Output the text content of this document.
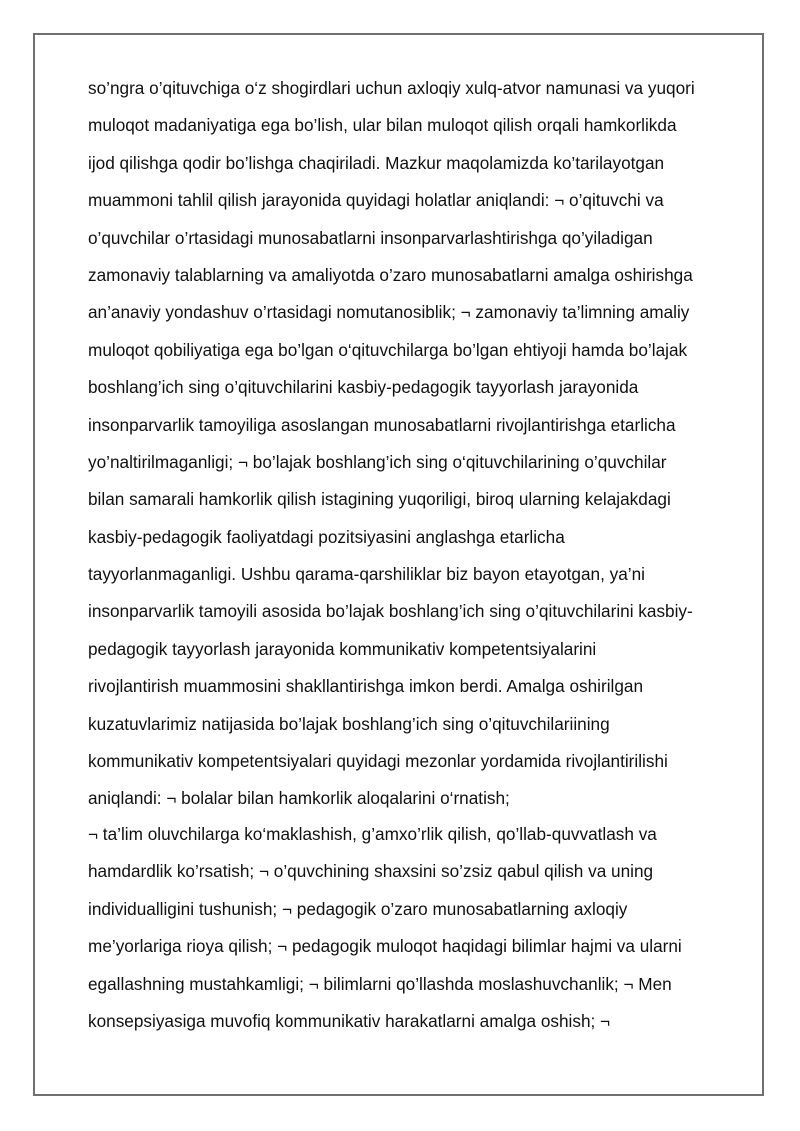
so’ngra o’qituvchiga o‘z shogirdlari uchun axloqiy xulq-atvor namunasi va yuqori
muloqot madaniyatiga ega bo’lish, ular bilan muloqot qilish orqali hamkorlikda
ijod qilishga qodir bo’lishga chaqiriladi. Mazkur maqolamizda ko’tarilayotgan
muammoni tahlil qilish jarayonida quyidagi holatlar aniqlandi: ¬ o’qituvchi va
o’quvchilar o’rtasidagi munosabatlarni insonparvarlashtirishga qo’yiladigan
zamonaviy talablarning va amaliyotda o’zaro munosabatlarni amalga oshirishga
an’anaviy yondashuv o’rtasidagi nomutanosiblik; ¬ zamonaviy ta’limning amaliy
muloqot qobiliyatiga ega bo’lgan o‘qituvchilarga bo’lgan ehtiyoji hamda bo’lajak
boshlang’ich sing o’qituvchilarini kasbiy-pedagogik tayyorlash jarayonida
insonparvarlik tamoyiliga asoslangan munosabatlarni rivojlantirishga etarlicha
yo’naltirilmaganligi; ¬ bo’lajak boshlang’ich sing o‘qituvchilarining o’quvchilar
bilan samarali hamkorlik qilish istagining yuqoriligi, biroq ularning kelajakdagi
kasbiy-pedagogik faoliyatdagi pozitsiyasini anglashga etarlicha
tayyorlanmaganligi. Ushbu qarama-qarshiliklar biz bayon etayotgan, ya’ni
insonparvarlik tamoyili asosida bo’lajak boshlang’ich sing o’qituvchilarini kasbiy-
pedagogik tayyorlash jarayonida kommunikativ kompetentsiyalarini
rivojlantirish muammosini shakllantirishga imkon berdi. Amalga oshirilgan
kuzatuvlarimiz natijasida bo’lajak boshlang’ich sing o’qituvchilariining
kommunikativ kompetentsiyalari quyidagi mezonlar yordamida rivojlantirilishi
aniqlandi: ¬ bolalar bilan hamkorlik aloqalarini o‘rnatish;
¬ ta’lim oluvchilarga ko‘maklashish, g’amxo’rlik qilish, qo’llab-quvvatlash va
hamdardlik ko’rsatish; ¬ o’quvchining shaxsini so’zsiz qabul qilish va uning
individualligini tushunish; ¬ pedagogik o’zaro munosabatlarning axloqiy
me’yorlariga rioya qilish; ¬ pedagogik muloqot haqidagi bilimlar hajmi va ularni
egallashning mustahkamligi; ¬ bilimlarni qo’llashda moslashuvchanlik; ¬ Men
konsepsiyasiga muvofiq kommunikativ harakatlarni amalga oshish; ¬
